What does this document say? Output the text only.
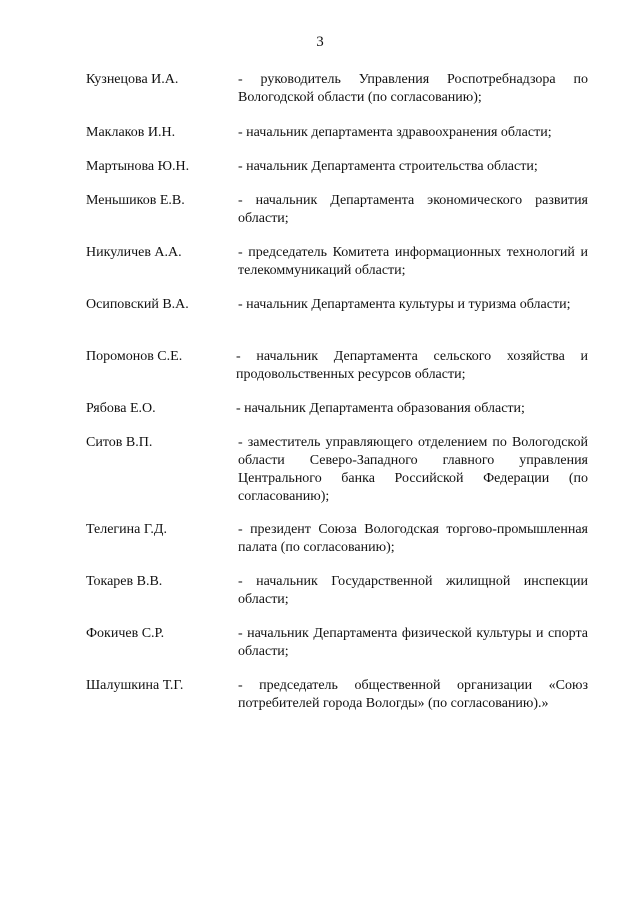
3
Кузнецова И.А.	- руководитель Управления Роспотребнадзора по Вологодской области (по согласованию);
Маклаков И.Н.	- начальник департамента здравоохранения области;
Мартынова Ю.Н.	- начальник Департамента строительства области;
Меньшиков Е.В.	- начальник Департамента экономического развития области;
Никуличев А.А.	- председатель Комитета информационных технологий и телекоммуникаций области;
Осиповский В.А.	- начальник Департамента культуры и туризма области;
Поромонов С.Е.	- начальник Департамента сельского хозяйства и продовольственных ресурсов области;
Рябова Е.О.	- начальник Департамента образования области;
Ситов В.П.	- заместитель управляющего отделением по Вологодской области Северо-Западного главного управления Центрального банка Российской Федерации (по согласованию);
Телегина Г.Д.	- президент Союза Вологодская торгово-промышленная палата (по согласованию);
Токарев В.В.	- начальник Государственной жилищной инспекции области;
Фокичев С.Р.	- начальник Департамента физической культуры и спорта области;
Шалушкина Т.Г.	- председатель общественной организации «Союз потребителей города Вологды» (по согласованию).»
